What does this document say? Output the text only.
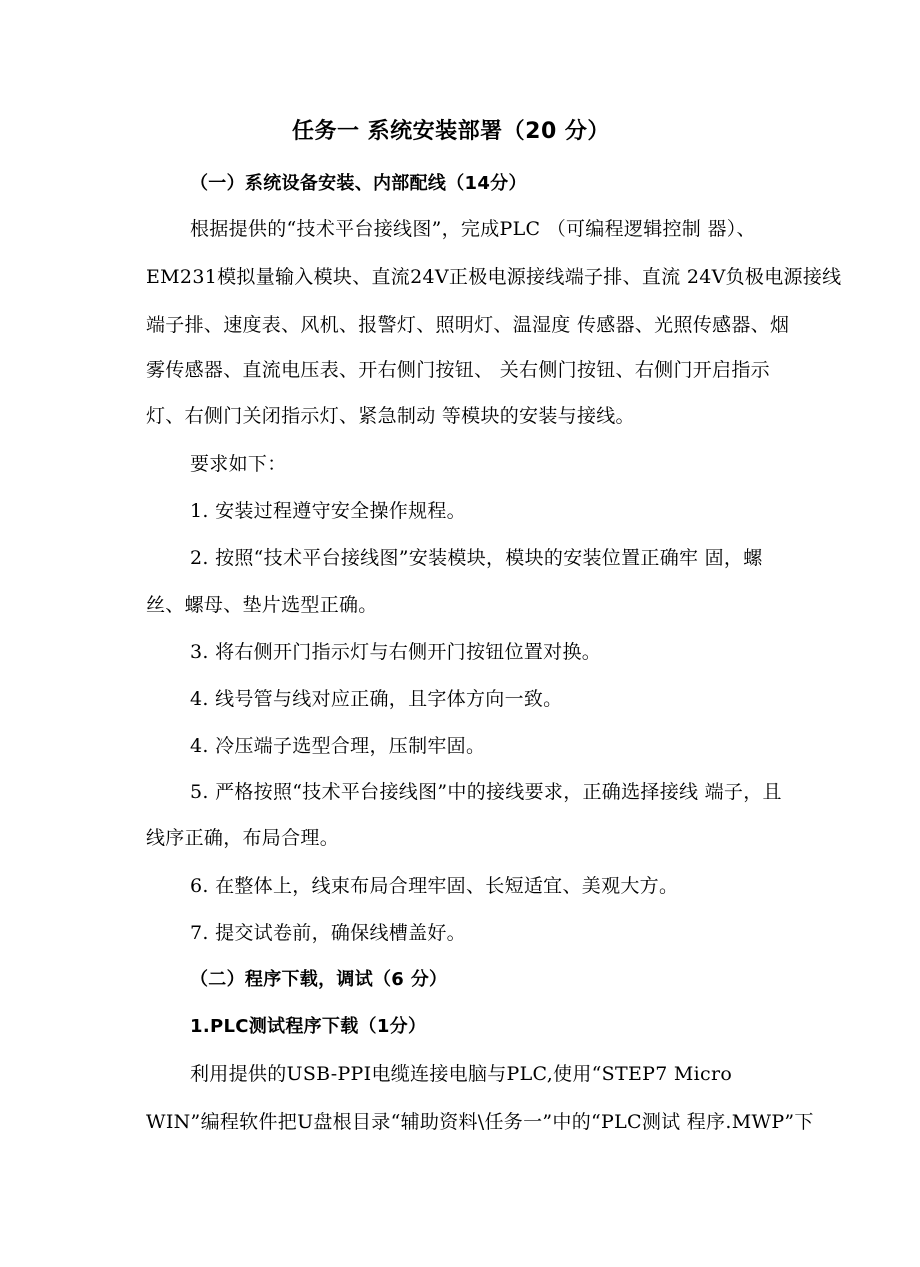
任务一 系统安装部署（20 分）
（一）系统设备安装、内部配线（14分）
根据提供的“技术平台接线图”，完成PLC （可编程逻辑控制 器）、
EM231模拟量输入模块、直流24V正极电源接线端子排、直流 24V负极电源接线
端子排、速度表、风机、报警灯、照明灯、温湿度 传感器、光照传感器、烟
雾传感器、直流电压表、开右侧门按钮、 关右侧门按钮、右侧门开启指示
灯、右侧门关闭指示灯、紧急制动 等模块的安装与接线。
要求如下：
1. 安装过程遵守安全操作规程。
2. 按照“技术平台接线图”安装模块，模块的安装位置正确牢 固，螺
丝、螺母、垫片选型正确。
3. 将右侧开门指示灯与右侧开门按钮位置对换。
4. 线号管与线对应正确，且字体方向一致。
4. 冷压端子选型合理，压制牢固。
5. 严格按照“技术平台接线图”中的接线要求，正确选择接线 端子，且
线序正确，布局合理。
6. 在整体上，线束布局合理牢固、长短适宜、美观大方。
7. 提交试卷前，确保线槽盖好。
（二）程序下载，调试（6 分）
1.PLC测试程序下载（1分）
利用提供的USB-PPI电缆连接电脑与PLC,使用“STEP7 Micro
WIN”编程软件把U盘根目录“辅助资料\任务一”中的“PLC测试 程序.MWP”下
